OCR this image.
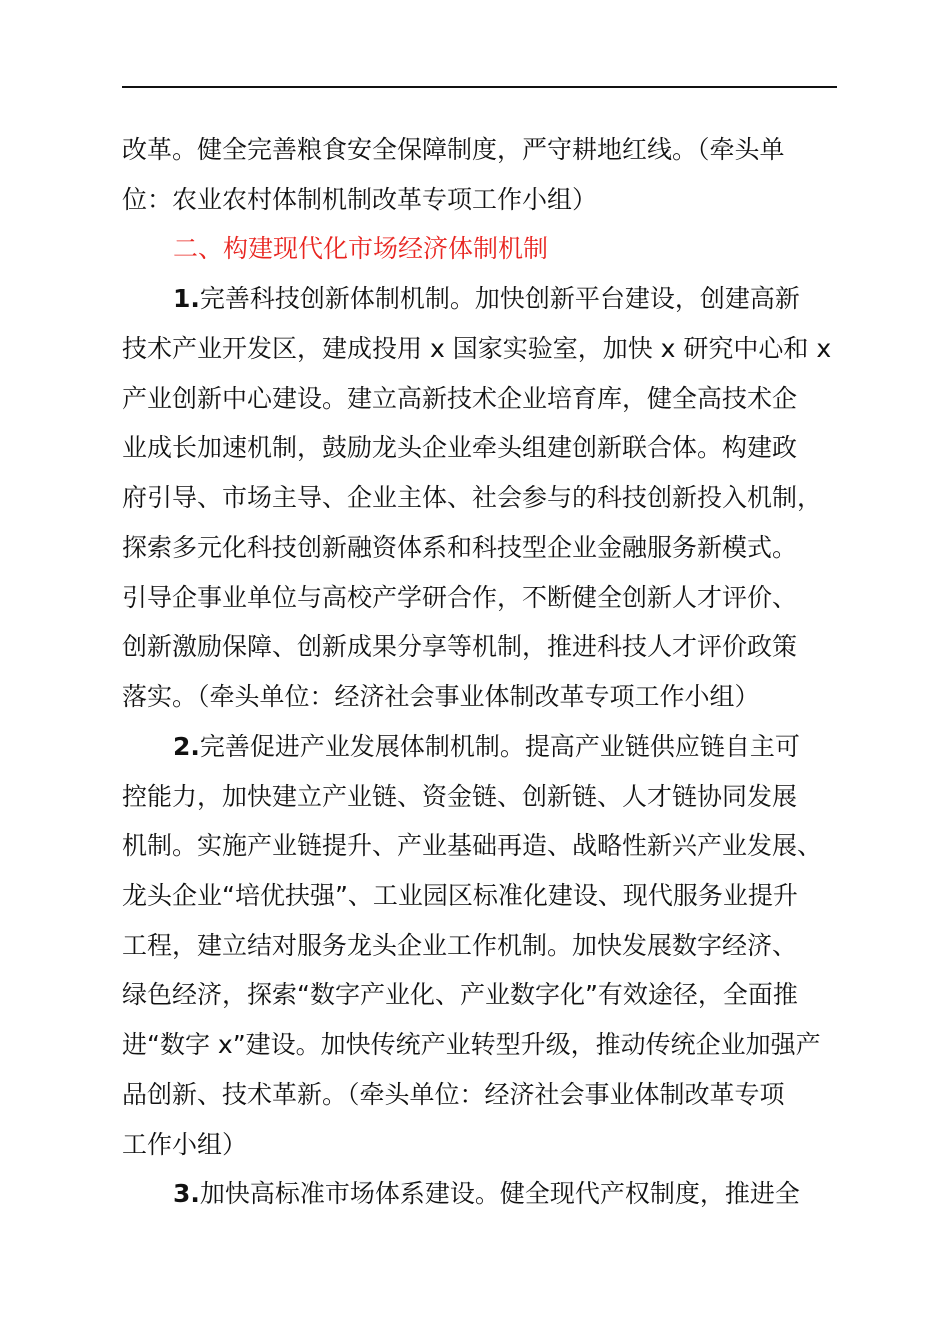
改革。健全完善粮食安全保障制度，严守耕地红线。（牵头单
位：农业农村体制机制改革专项工作小组）
二、构建现代化市场经济体制机制
1.完善科技创新体制机制。加快创新平台建设，创建高新
技术产业开发区，建成投用 x 国家实验室，加快 x 研究中心和 x
产业创新中心建设。建立高新技术企业培育库，健全高技术企
业成长加速机制，鼓励龙头企业牵头组建创新联合体。构建政
府引导、市场主导、企业主体、社会参与的科技创新投入机制，
探索多元化科技创新融资体系和科技型企业金融服务新模式。
引导企事业单位与高校产学研合作，不断健全创新人才评价、
创新激励保障、创新成果分享等机制，推进科技人才评价政策
落实。（牵头单位：经济社会事业体制改革专项工作小组）
2.完善促进产业发展体制机制。提高产业链供应链自主可
控能力，加快建立产业链、资金链、创新链、人才链协同发展
机制。实施产业链提升、产业基础再造、战略性新兴产业发展、
龙头企业“培优扶强”、工业园区标准化建设、现代服务业提升
工程，建立结对服务龙头企业工作机制。加快发展数字经济、
绿色经济，探索“数字产业化、产业数字化”有效途径，全面推
进“数字 x”建设。加快传统产业转型升级，推动传统企业加强产
品创新、技术革新。（牵头单位：经济社会事业体制改革专项
工作小组）
3.加快高标准市场体系建设。健全现代产权制度，推进全
